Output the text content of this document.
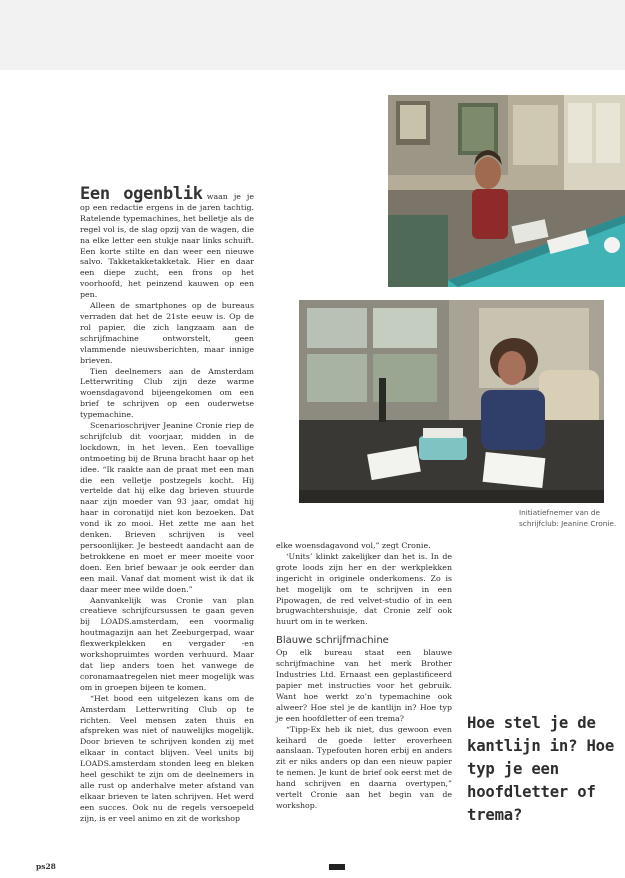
Initiatiefnemer van de schrijfclub: Jeanine Cronie.

Een ogenblik waan je je op een redactie ergens in de jaren tachtig. Ratelende typemachines, het belletje als de regel vol is, de slag opzij van de wagen, die na elke letter een stukje naar links schuift. Een korte stilte en dan weer een nieuwe salvo. Takketakketakketak. Hier en daar een diepe zucht, een frons op het voorhoofd, het peinzend kauwen op een pen.

Alleen de smartphones op de bureaus verraden dat het de 21ste eeuw is. Op de rol papier, die zich langzaam aan de schrijfmachine ontworstelt, geen vlammende nieuwsberichten, maar innige brieven.

Tien deelnemers aan de Amsterdam Letterwriting Club zijn deze warme woensdagavond bijeengekomen om een brief te schrijven op een ouderwetse typemachine.

Scenarioschrijver Jeanine Cronie riep de schrijfclub dit voorjaar, midden in de lockdown, in het leven. Een toevallige ontmoeting bij de Bruna bracht haar op het idee. “Ik raakte aan de praat met een man die een velletje postzegels kocht. Hij vertelde dat hij elke dag brieven stuurde naar zijn moeder van 93 jaar, omdat hij haar in coronatijd niet kon bezoeken. Dat vond ik zo mooi. Het zette me aan het denken. Brieven schrijven is veel persoonlijker. Je besteedt aandacht aan de betrokkene en moet er meer moeite voor doen. Een brief bewaar je ook eerder dan een mail. Vanaf dat moment wist ik dat ik daar meer mee wilde doen.”

Aanvankelijk was Cronie van plan creatieve schrijfcursussen te gaan geven bij LOADS.amsterdam, een voormalig houtmagazijn aan het Zeeburgerpad, waar flexwerkplekken en vergader -en workshopruimtes worden verhuurd. Maar dat liep anders toen het vanwege de coronamaatregelen niet meer mogelijk was om in groepen bijeen te komen.

“Het bood een uitgelezen kans om de Amsterdam Letterwriting Club op te richten. Veel mensen zaten thuis en afspreken was niet of nauwelijks mogelijk. Door brieven te schrijven konden zij met elkaar in contact blijven. Veel units bij LOADS.amsterdam stonden leeg en bleken heel geschikt te zijn om de deelnemers in alle rust op anderhalve meter afstand van elkaar brieven te laten schrijven. Het werd een succes. Ook nu de regels versoepeld zijn, is er veel animo en zit de workshop

elke woensdagavond vol,” zegt Cronie.

‘Units’ klinkt zakelijker dan het is. In de grote loods zijn her en der werkplekken ingericht in originele onderkomens. Zo is het mogelijk om te schrijven in een Pipowagen, de red velvet-studio of in een brugwachtershuisje, dat Cronie zelf ook huurt om in te werken.

Blauwe schrijfmachine

Op elk bureau staat een blauwe schrijfmachine van het merk Brother Industries Ltd. Ernaast een geplastificeerd papier met instructies voor het gebruik. Want hoe werkt zo’n typemachine ook alweer? Hoe stel je de kantlijn in? Hoe typ je een hoofdletter of een trema?

“Tipp-Ex heb ik niet, dus gewoon even keihard de goede letter eroverheen aanslaan. Typefouten horen erbij en anders zit er niks anders op dan een nieuw papier te nemen. Je kunt de brief ook eerst met de hand schrijven en daarna overtypen,” vertelt Cronie aan het begin van de workshop.

Hoe stel je de kantlijn in? Hoe typ je een hoofdletter of trema?
ps28
